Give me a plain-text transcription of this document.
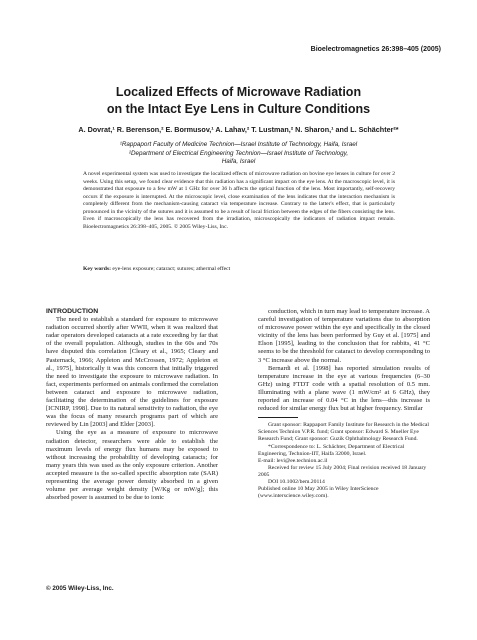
Bioelectromagnetics 26:398–405 (2005)
Localized Effects of Microwave Radiation
on the Intact Eye Lens in Culture Conditions
A. Dovrat,¹ R. Berenson,² E. Bormusov,¹ A. Lahav,² T. Lustman,² N. Sharon,¹ and L. Schächter²*
¹Rappaport Faculty of Medicine Technion—Israel Institute of Technology, Haifa, Israel
²Department of Electrical Engineering Technion—Israel Institute of Technology,
Haifa, Israel
A novel experimental system was used to investigate the localized effects of microwave radiation on bovine eye lenses in culture for over 2 weeks. Using this setup, we found clear evidence that this radiation has a significant impact on the eye lens. At the macroscopic level, it is demonstrated that exposure to a few mW at 1 GHz for over 36 h affects the optical function of the lens. Most importantly, self-recovery occurs if the exposure is interrupted. At the microscopic level, close examination of the lens indicates that the interaction mechanism is completely different from the mechanism-causing cataract via temperature increase. Contrary to the latter's effect, that is particularly pronounced in the vicinity of the sutures and it is assumed to be a result of local friction between the edges of the fibers consisting the lens. Even if macroscopically the lens has recovered from the irradiation, microscopically the indicators of radiation impact remain. Bioelectromagnetics 26:398–405, 2005. © 2005 Wiley-Liss, Inc.
Key words: eye-lens exposure; cataract; sutures; athermal effect

INTRODUCTION

The need to establish a standard for exposure to microwave radiation occurred shortly after WWII, when it was realized that radar operators developed cataracts at a rate exceeding by far that of the overall population. Although, studies in the 60s and 70s have disputed this correlation [Cleary et al., 1965; Cleary and Pasternack, 1966; Appleton and McCrossen, 1972; Appleton et al., 1975], historically it was this concern that initially triggered the need to investigate the exposure to microwave radiation. In fact, experiments performed on animals confirmed the correlation between cataract and exposure to microwave radiation, facilitating the determination of the guidelines for exposure [ICNIRP, 1998]. Due to its natural sensitivity to radiation, the eye was the focus of many research programs part of which are reviewed by Lin [2003] and Elder [2003].

Using the eye as a measure of exposure to microwave radiation detector, researchers were able to establish the maximum levels of energy flux humans may be exposed to without increasing the probability of developing cataracts; for many years this was used as the only exposure criterion. Another accepted measure is the so-called specific absorption rate (SAR) representing the average power density absorbed in a given volume per average weight density [W/Kg or mW/g]; this absorbed power is assumed to be due to ionic

conduction, which in turn may lead to temperature increase. A careful investigation of temperature variations due to absorption of microwave power within the eye and specifically in the closed vicinity of the lens has been performed by Guy et al. [1975] and Elson [1995], leading to the conclusion that for rabbits, 41 °C seems to be the threshold for cataract to develop corresponding to 3 °C increase above the normal.

Bernardi et al. [1998] has reported simulation results of temperature increase in the eye at various frequencies (6–30 GHz) using FTDT code with a spatial resolution of 0.5 mm. Illuminating with a plane wave (1 mW/cm² at 6 GHz), they reported an increase of 0.04 °C in the lens—this increase is reduced for similar energy flux but at higher frequency. Similar

Grant sponsor: Rappaport Family Institute for Research in the Medical Sciences Technion V.P.R. fund; Grant sponsor: Edward S. Mueller Eye Research Fund; Grant sponsor: Guzik Ophthalmology Research Fund.

*Correspondence to: L. Schächter, Department of Electrical Engineering, Technion-IIT, Haifa 32000, Israel.
E-mail: levi@ee.technion.ac.il

Received for review 15 July 2004; Final revision received 18 January 2005

DOI 10.1002/bem.20114
Published online 10 May 2005 in Wiley InterScience (www.interscience.wiley.com).

© 2005 Wiley-Liss, Inc.
